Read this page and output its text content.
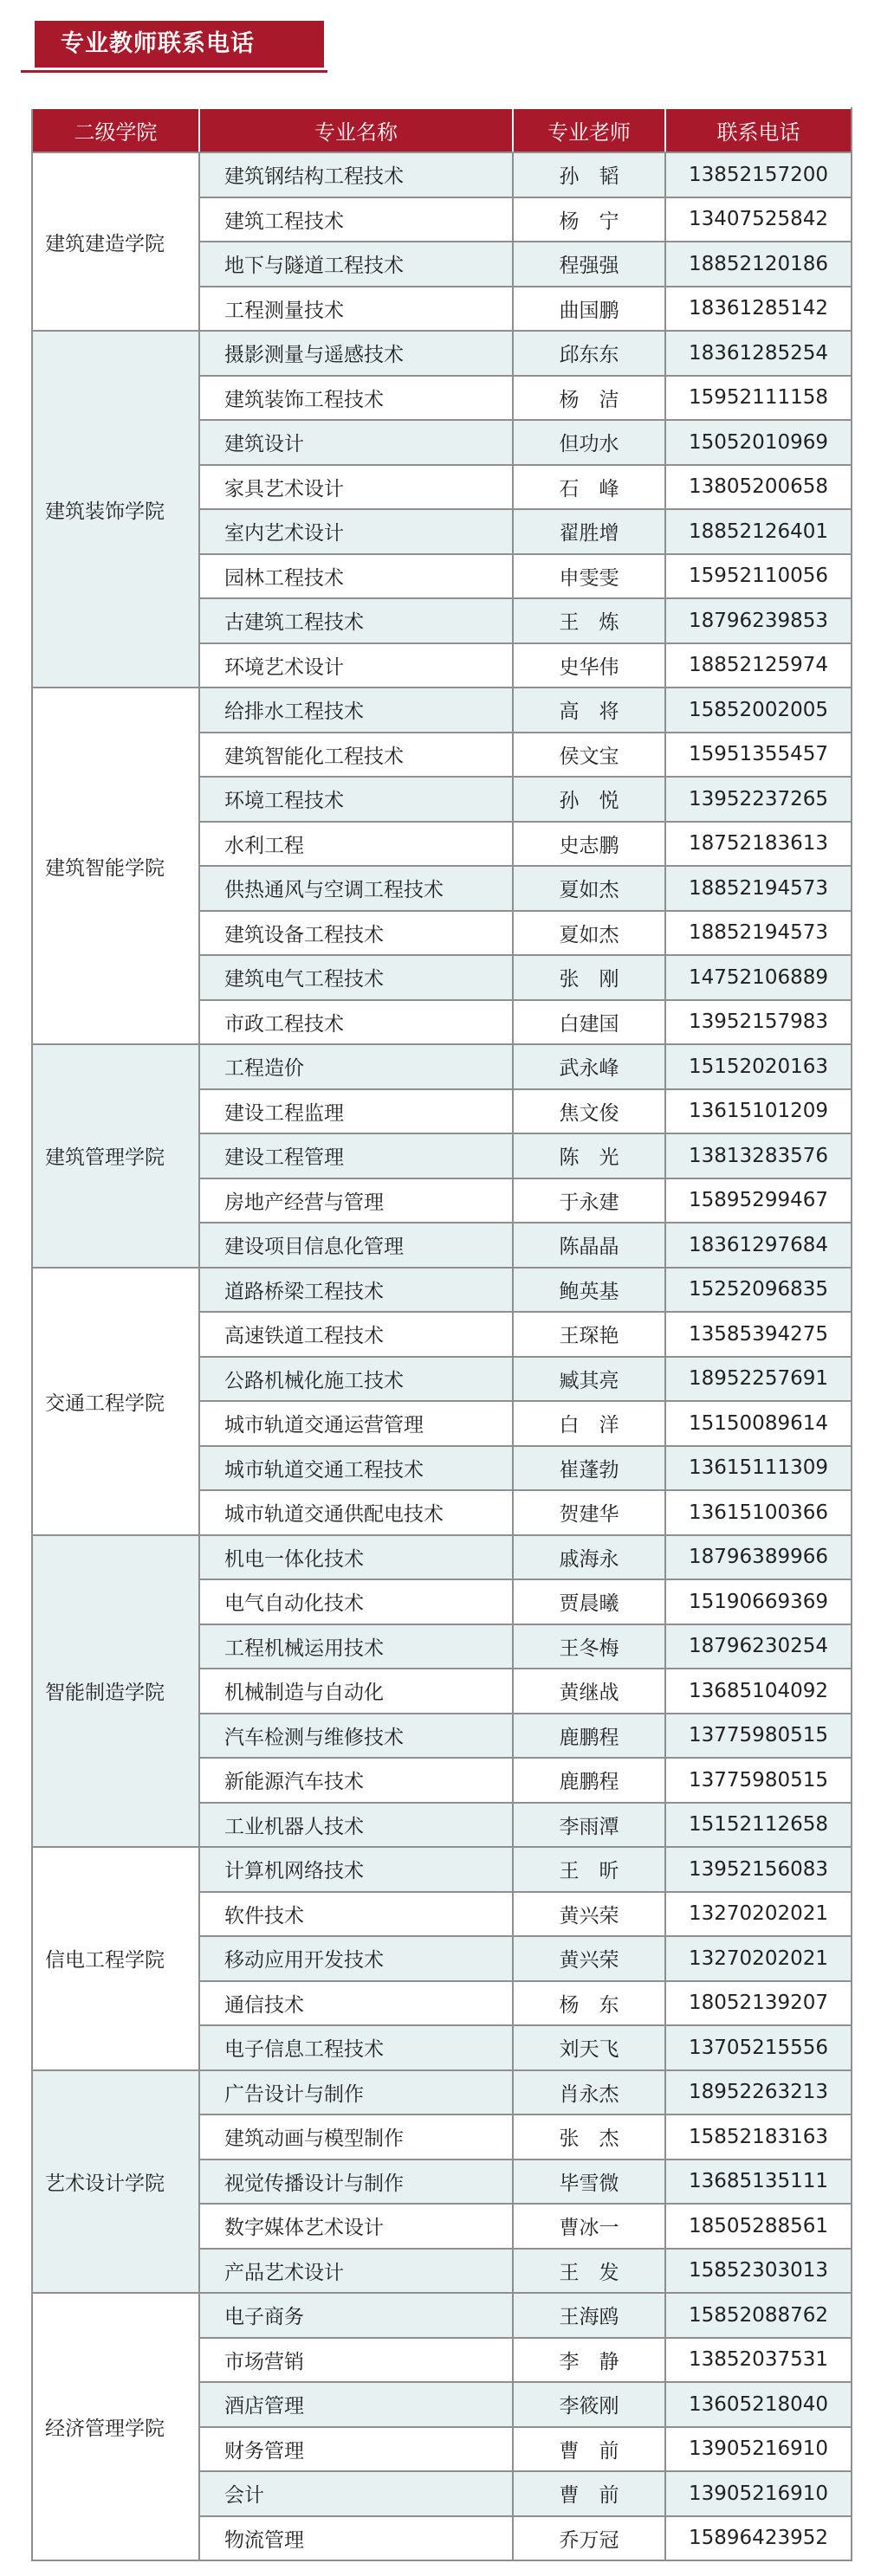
专业教师联系电话
二级学院	专业名称	专业老师	联系电话
建筑建造学院	建筑钢结构工程技术	孙　韬	13852157200
	建筑工程技术	杨　宁	13407525842
	地下与隧道工程技术	程强强	18852120186
	工程测量技术	曲国鹏	18361285142
建筑装饰学院	摄影测量与遥感技术	邱东东	18361285254
	建筑装饰工程技术	杨　洁	15952111158
	建筑设计	但功水	15052010969
	家具艺术设计	石　峰	13805200658
	室内艺术设计	翟胜增	18852126401
	园林工程技术	申雯雯	15952110056
	古建筑工程技术	王　炼	18796239853
	环境艺术设计	史华伟	18852125974
建筑智能学院	给排水工程技术	高　将	15852002005
	建筑智能化工程技术	侯文宝	15951355457
	环境工程技术	孙　悦	13952237265
	水利工程	史志鹏	18752183613
	供热通风与空调工程技术	夏如杰	18852194573
	建筑设备工程技术	夏如杰	18852194573
	建筑电气工程技术	张　刚	14752106889
	市政工程技术	白建国	13952157983
建筑管理学院	工程造价	武永峰	15152020163
	建设工程监理	焦文俊	13615101209
	建设工程管理	陈　光	13813283576
	房地产经营与管理	于永建	15895299467
	建设项目信息化管理	陈晶晶	18361297684
交通工程学院	道路桥梁工程技术	鲍英基	15252096835
	高速铁道工程技术	王琛艳	13585394275
	公路机械化施工技术	臧其亮	18952257691
	城市轨道交通运营管理	白　洋	15150089614
	城市轨道交通工程技术	崔蓬勃	13615111309
	城市轨道交通供配电技术	贺建华	13615100366
智能制造学院	机电一体化技术	戚海永	18796389966
	电气自动化技术	贾晨曦	15190669369
	工程机械运用技术	王冬梅	18796230254
	机械制造与自动化	黄继战	13685104092
	汽车检测与维修技术	鹿鹏程	13775980515
	新能源汽车技术	鹿鹏程	13775980515
	工业机器人技术	李雨潭	15152112658
信电工程学院	计算机网络技术	王　昕	13952156083
	软件技术	黄兴荣	13270202021
	移动应用开发技术	黄兴荣	13270202021
	通信技术	杨　东	18052139207
	电子信息工程技术	刘天飞	13705215556
艺术设计学院	广告设计与制作	肖永杰	18952263213
	建筑动画与模型制作	张　杰	15852183163
	视觉传播设计与制作	毕雪微	13685135111
	数字媒体艺术设计	曹冰一	18505288561
	产品艺术设计	王　发	15852303013
经济管理学院	电子商务	王海鸥	15852088762
	市场营销	李　静	13852037531
	酒店管理	李筱刚	13605218040
	财务管理	曹　前	13905216910
	会计	曹　前	13905216910
	物流管理	乔万冠	15896423952
